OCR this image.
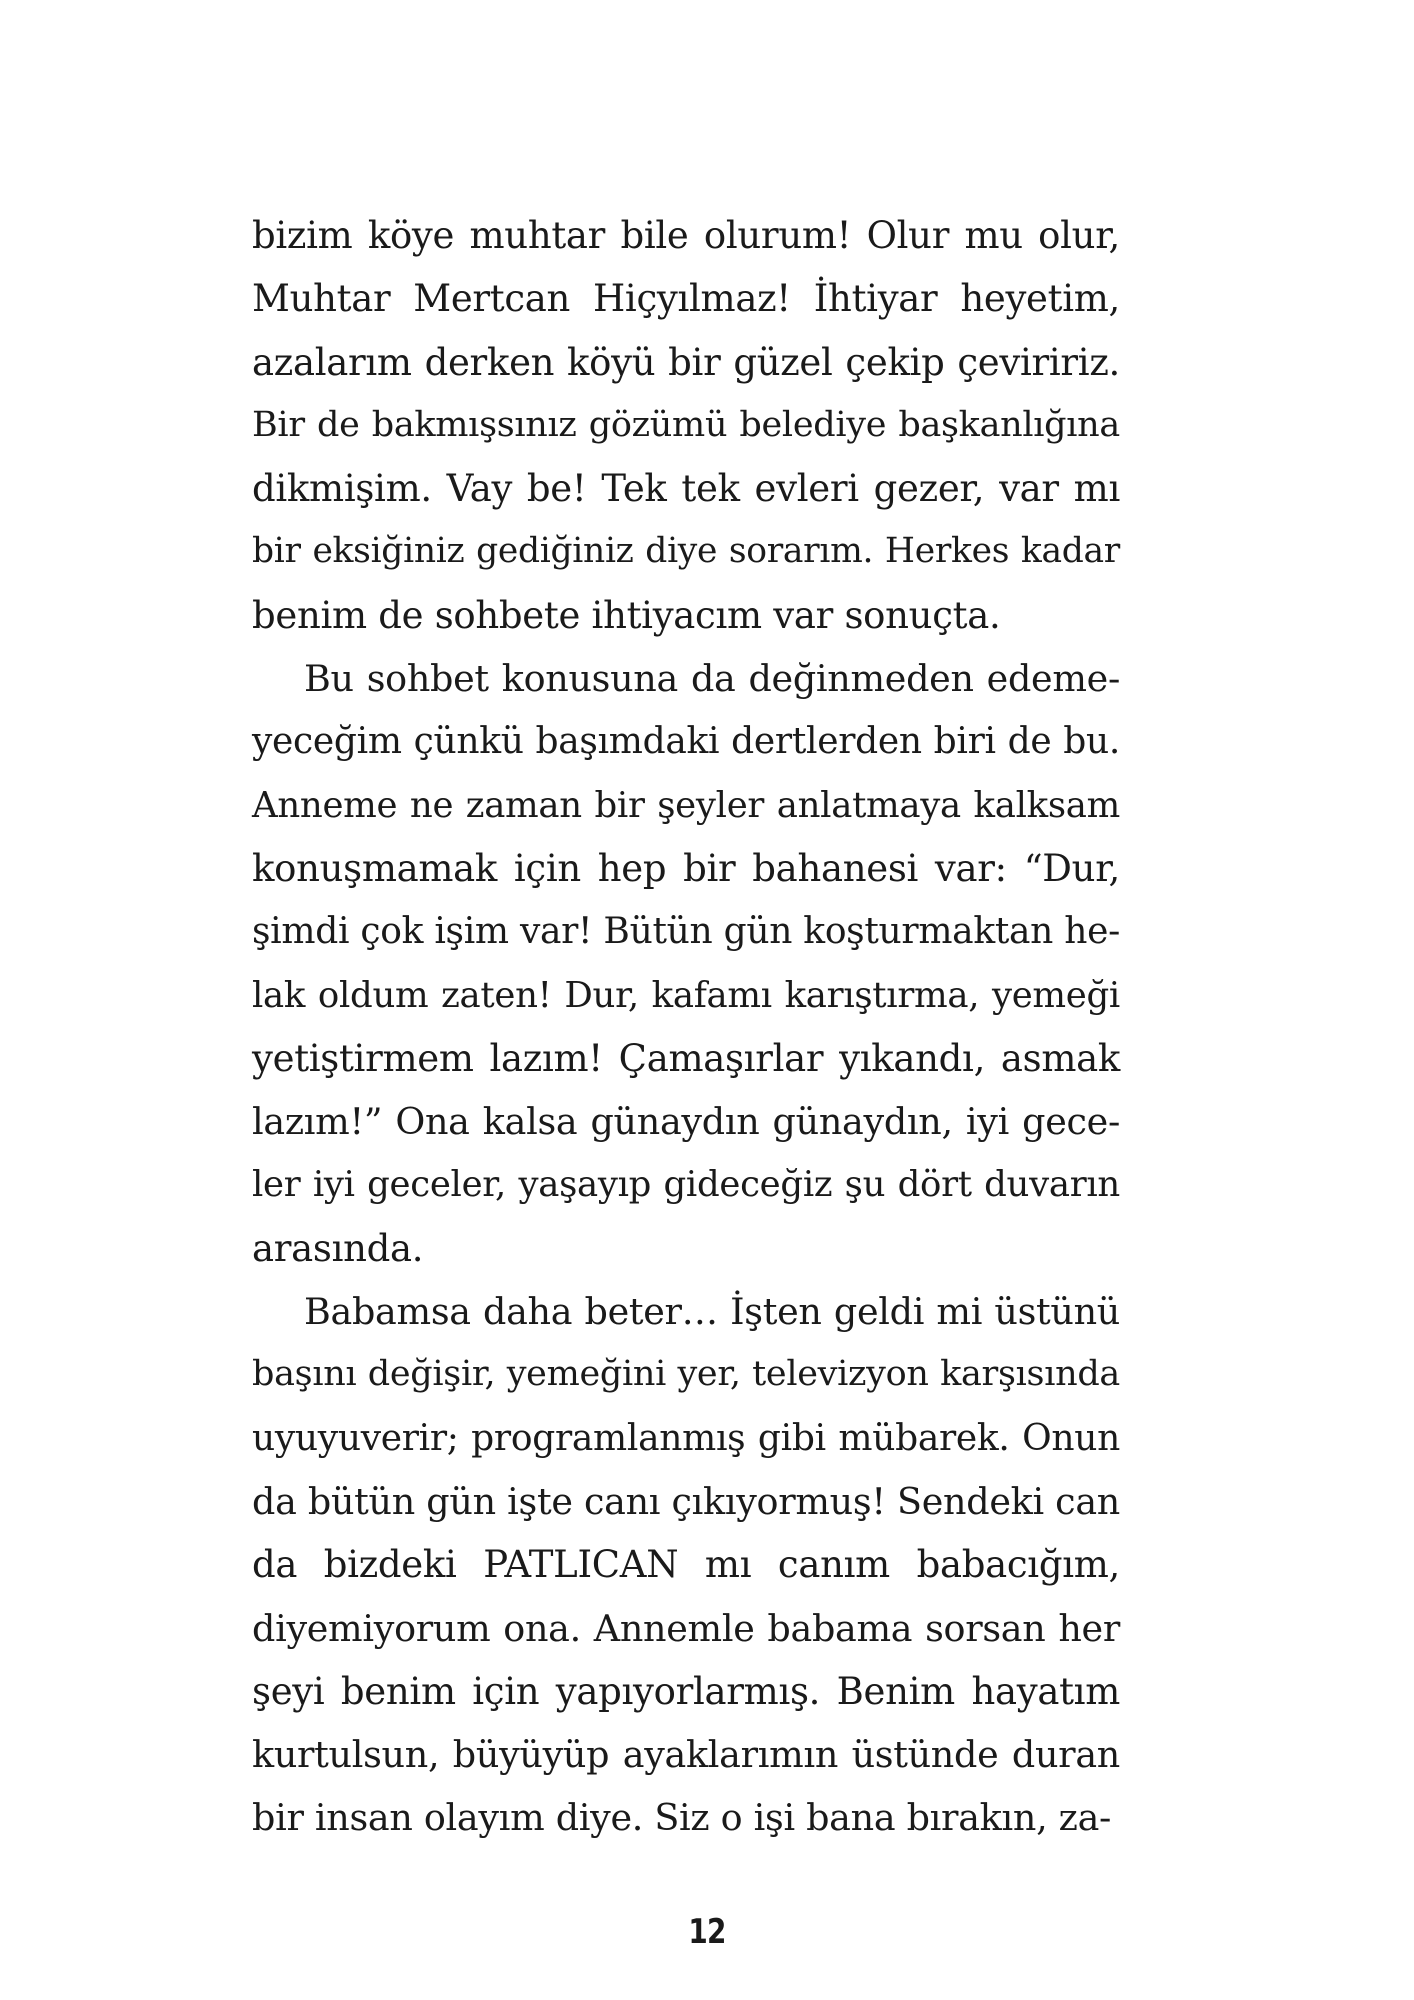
bizim köye muhtar bile olurum! Olur mu olur,
Muhtar Mertcan Hiçyılmaz! İhtiyar heyetim,
azalarım derken köyü bir güzel çekip çeviririz.
Bir de bakmışsınız gözümü belediye başkanlığına
dikmişim. Vay be! Tek tek evleri gezer, var mı
bir eksiğiniz gediğiniz diye sorarım. Herkes kadar
benim de sohbete ihtiyacım var sonuçta.
Bu sohbet konusuna da değinmeden edeme-
yeceğim çünkü başımdaki dertlerden biri de bu.
Anneme ne zaman bir şeyler anlatmaya kalksam
konuşmamak için hep bir bahanesi var: “Dur,
şimdi çok işim var! Bütün gün koşturmaktan he-
lak oldum zaten! Dur, kafamı karıştırma, yemeği
yetiştirmem lazım! Çamaşırlar yıkandı, asmak
lazım!” Ona kalsa günaydın günaydın, iyi gece-
ler iyi geceler, yaşayıp gideceğiz şu dört duvarın
arasında.
Babamsa daha beter… İşten geldi mi üstünü
başını değişir, yemeğini yer, televizyon karşısında
uyuyuverir; programlanmış gibi mübarek. Onun
da bütün gün işte canı çıkıyormuş! Sendeki can
da bizdeki PATLICAN mı canım babacığım,
diyemiyorum ona. Annemle babama sorsan her
şeyi benim için yapıyorlarmış. Benim hayatım
kurtulsun, büyüyüp ayaklarımın üstünde duran
bir insan olayım diye. Siz o işi bana bırakın, za-
12
